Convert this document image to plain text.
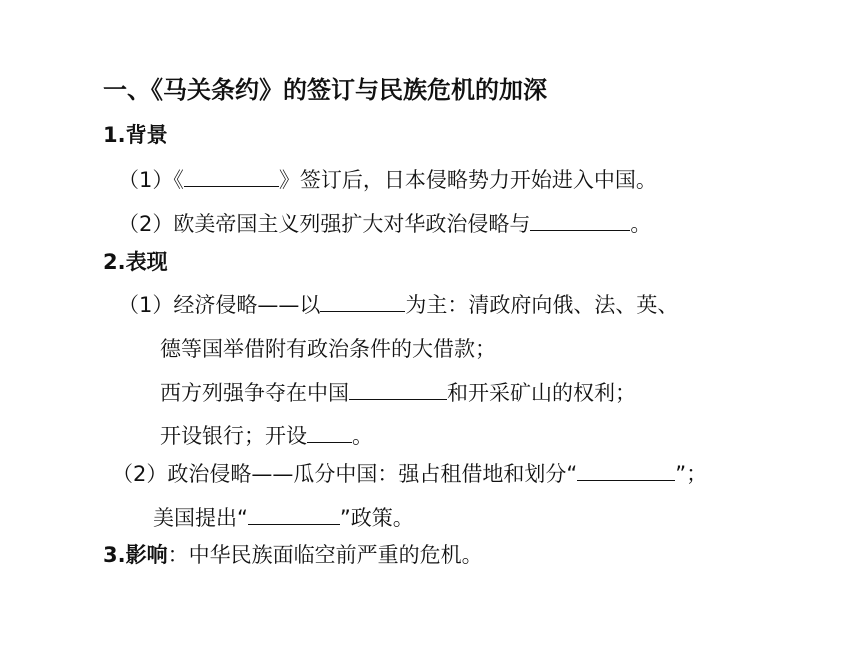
一、《马关条约》的签订与民族危机的加深
1.背景
（1）《	》签订后，日本侵略势力开始进入中国。
（2）欧美帝国主义列强扩大对华政治侵略与	。
2.表现
（1）经济侵略——以	为主：清政府向俄、法、英、
德等国举借附有政治条件的大借款；
西方列强争夺在中国	和开采矿山的权利；
开设银行；开设 。
（2）政治侵略——瓜分中国：强占租借地和划分“	”；
美国提出“	”政策。
3.影响：中华民族面临空前严重的危机。
